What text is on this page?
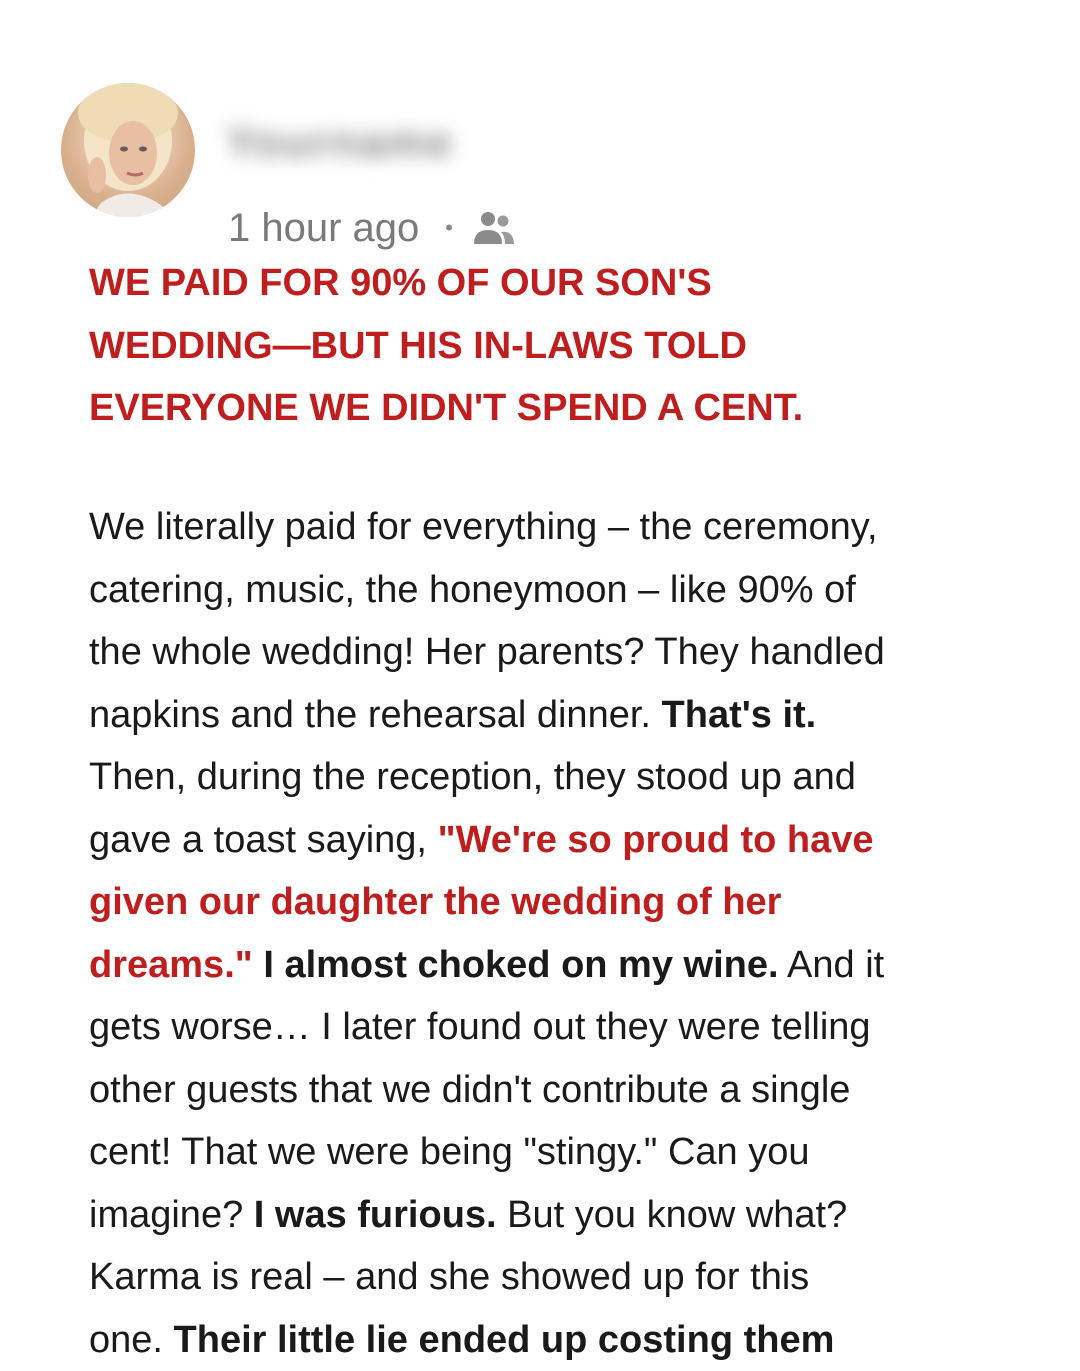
Yourname
1 hour ago •
WE PAID FOR 90% OF OUR SON'S
WEDDING—BUT HIS IN-LAWS TOLD
EVERYONE WE DIDN'T SPEND A CENT.
We literally paid for everything – the ceremony,
catering, music, the honeymoon – like 90% of
the whole wedding! Her parents? They handled
napkins and the rehearsal dinner. That's it.
Then, during the reception, they stood up and
gave a toast saying, "We're so proud to have
given our daughter the wedding of her
dreams." I almost choked on my wine. And it
gets worse… I later found out they were telling
other guests that we didn't contribute a single
cent! That we were being "stingy." Can you
imagine? I was furious. But you know what?
Karma is real – and she showed up for this
one. Their little lie ended up costing them
